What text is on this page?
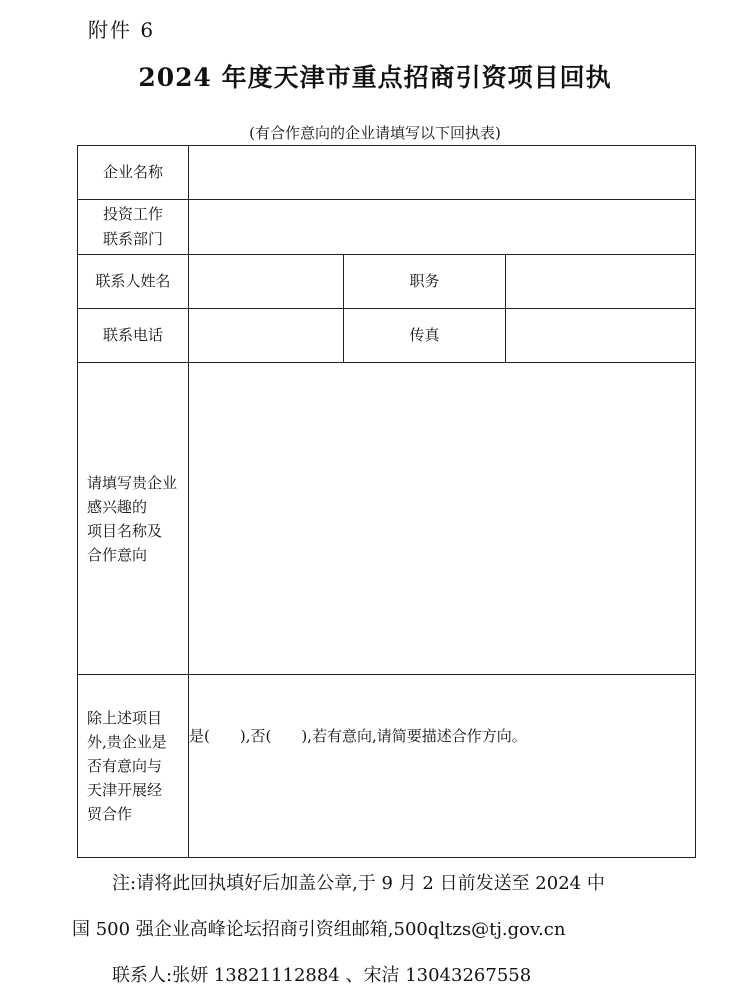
附件 6
2024 年度天津市重点招商引资项目回执
(有合作意向的企业请填写以下回执表)
企业名称			

投资工作
联系部门			

联系人姓名		职务	
联系电话		传真	

请填写贵企业感兴趣的
项目名称及
合作意向			

除上述项目
外,贵企业是
否有意向与
天津开展经
贸合作	是(　　),否(　　),若有意向,请简要描述合作方向。		
注:请将此回执填好后加盖公章,于 9 月 2 日前发送至 2024 中
国 500 强企业高峰论坛招商引资组邮箱,500qltzs@tj.gov.cn
联系人:张妍 13821112884 、宋洁 13043267558
